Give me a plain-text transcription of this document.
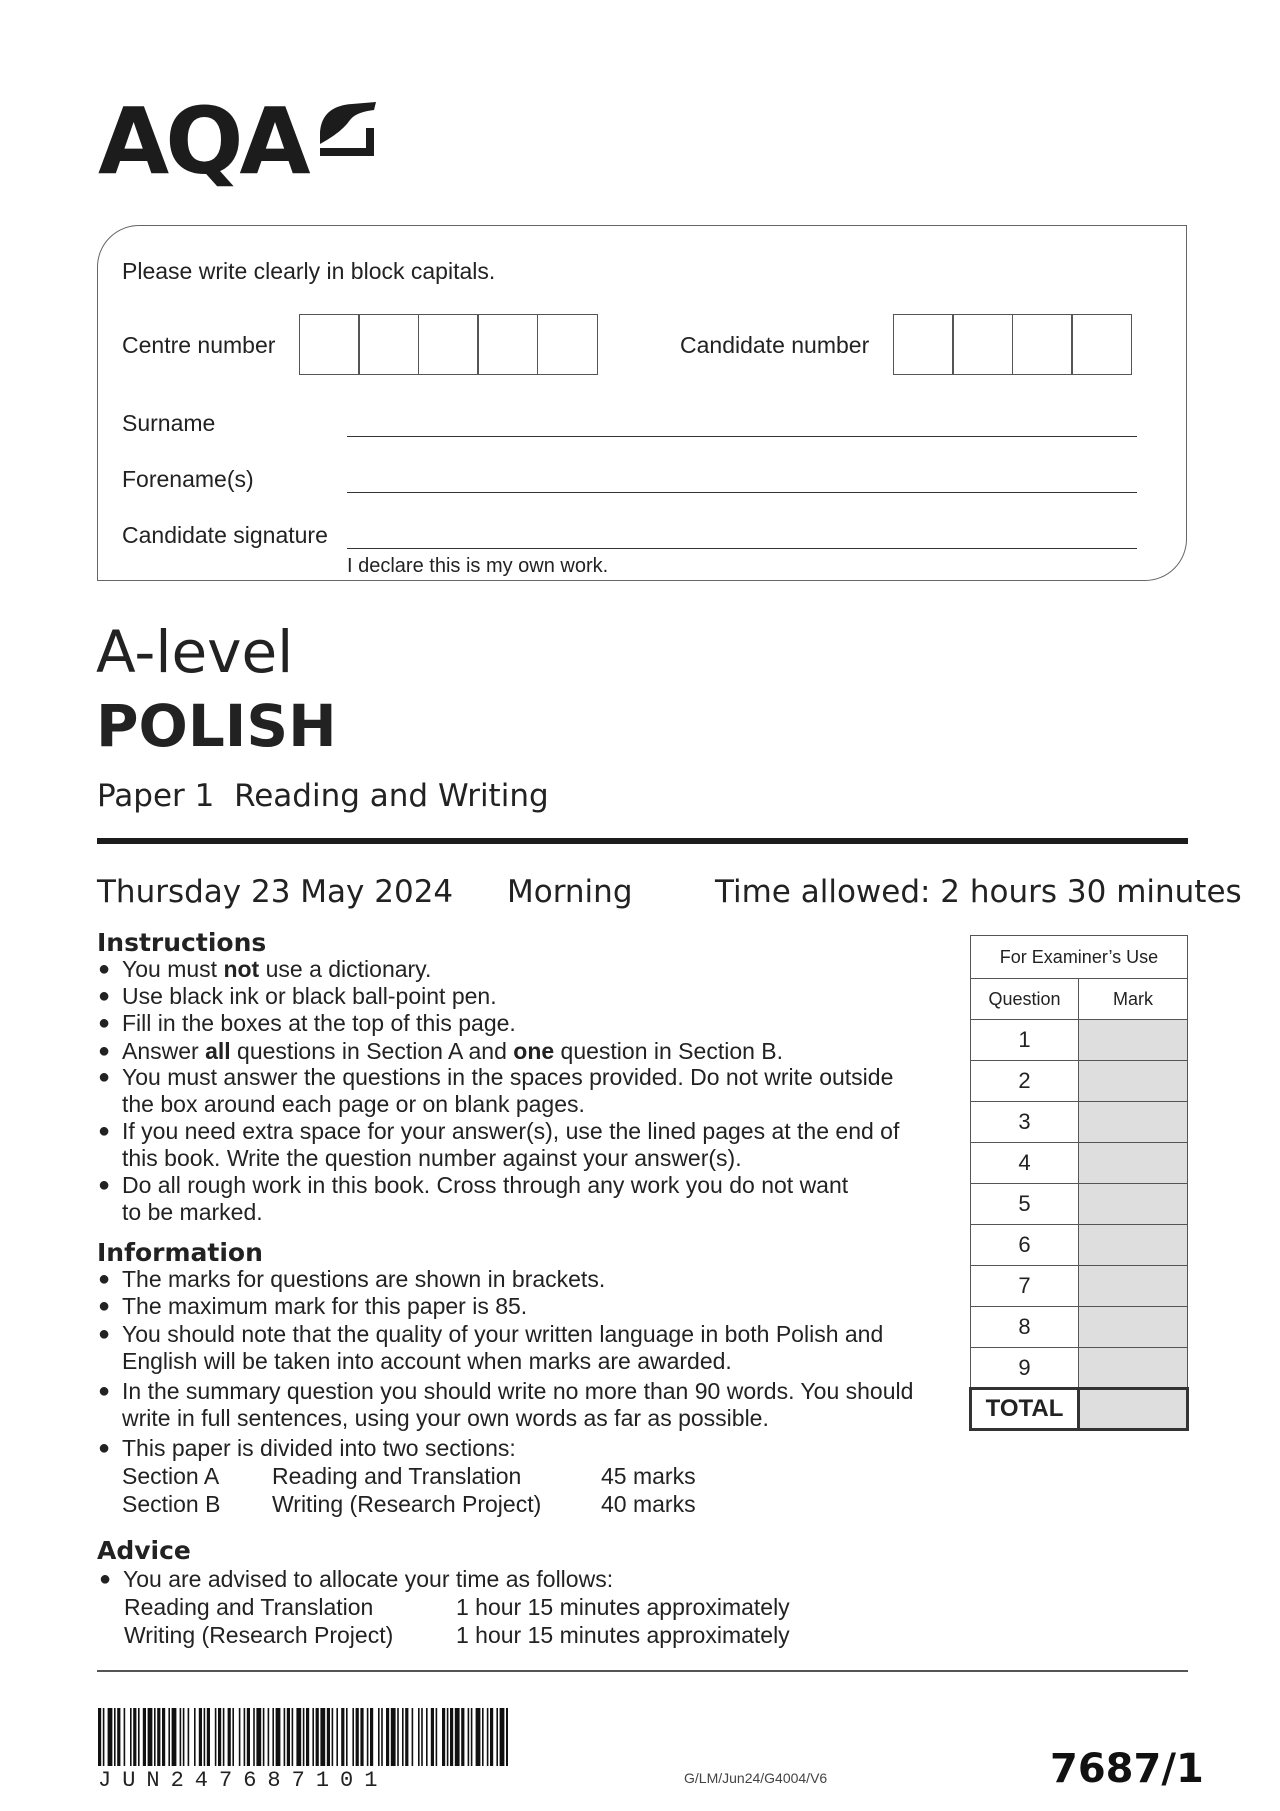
AQA
Please write clearly in block capitals.
Centre number	Candidate number
Surname
Forename(s)
Candidate signature
I declare this is my own work.
A-level
POLISH
Paper 1  Reading and Writing
Thursday 23 May 2024 Morning	Time allowed: 2 hours 30 minutes
Instructions
● You must not use a dictionary.
● Use black ink or black ball-point pen.
● Fill in the boxes at the top of this page.
● Answer all questions in Section A and one question in Section B.
● You must answer the questions in the spaces provided. Do not write outside
the box around each page or on blank pages.
● If you need extra space for your answer(s), use the lined pages at the end of
this book. Write the question number against your answer(s).
● Do all rough work in this book. Cross through any work you do not want
to be marked.
Information
● The marks for questions are shown in brackets.
● The maximum mark for this paper is 85.
● You should note that the quality of your written language in both Polish and
English will be taken into account when marks are awarded.
● In the summary question you should write no more than 90 words. You should
write in full sentences, using your own words as far as possible.
● This paper is divided into two sections:
Section A Reading and Translation	45 marks
Section B Writing (Research Project)	40 marks
Advice
● You are advised to allocate your time as follows:
Reading and Translation	1 hour 15 minutes approximately
Writing (Research Project)	1 hour 15 minutes approximately
For Examiner’s Use	
Question	Mark
1	
2	
3	
4	
5	
6	
7	
8	
9	
TOTAL	
JUN247687101	G/LM/Jun24/G4004/V6	7687/1
